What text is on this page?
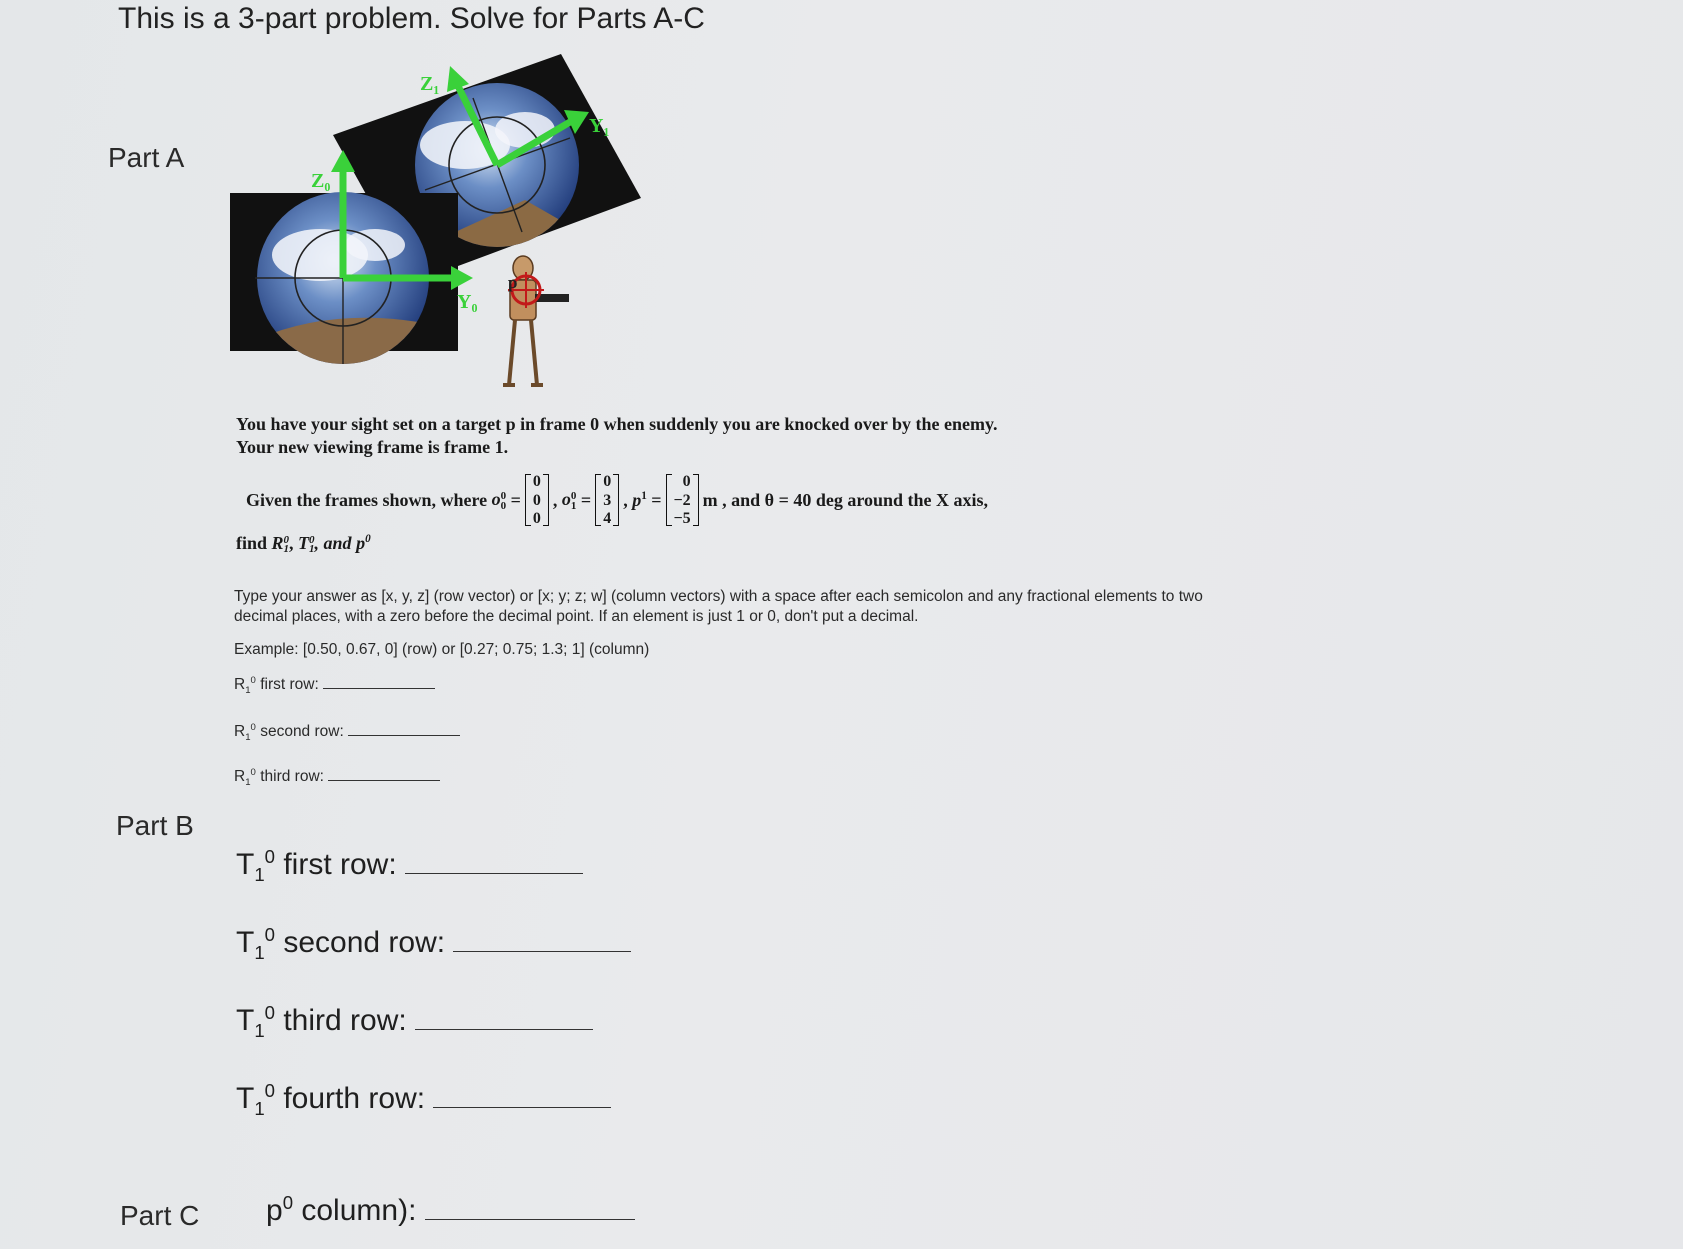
This is a 3-part problem. Solve for Parts A-C
Part A
Part B
Part C
Z₀
Y₀
Z₁
Y₁
p
You have your sight set on a target p in frame 0 when suddenly you are knocked over by the enemy.
Your new viewing frame is frame 1.
Given the frames shown, where
o 0
0
=
0
0
0
,
o 0
1
=
0
3
4
,
$p^1$
=
0
−2
−5
m , and θ = 40 deg around the X axis,
find R 0
1 , T 0
1 , and $p^0$
Type your answer as [x, y, z] (row vector) or [x; y; z; w] (column vectors) with a space after each semicolon and any fractional elements to two
decimal places, with a zero before the decimal point. If an element is just 1 or 0, don't put a decimal.
Example: [0.50, 0.67, 0] (row) or [0.27; 0.75; 1.3; 1] (column)
$R_1^0$ first row:
$R_1^0$ second row:
$R_1^0$ third row:
$T_1^0$ first row:
$T_1^0$ second row:
$T_1^0$ third row:
$T_1^0$ fourth row:
$p^0$ column):
